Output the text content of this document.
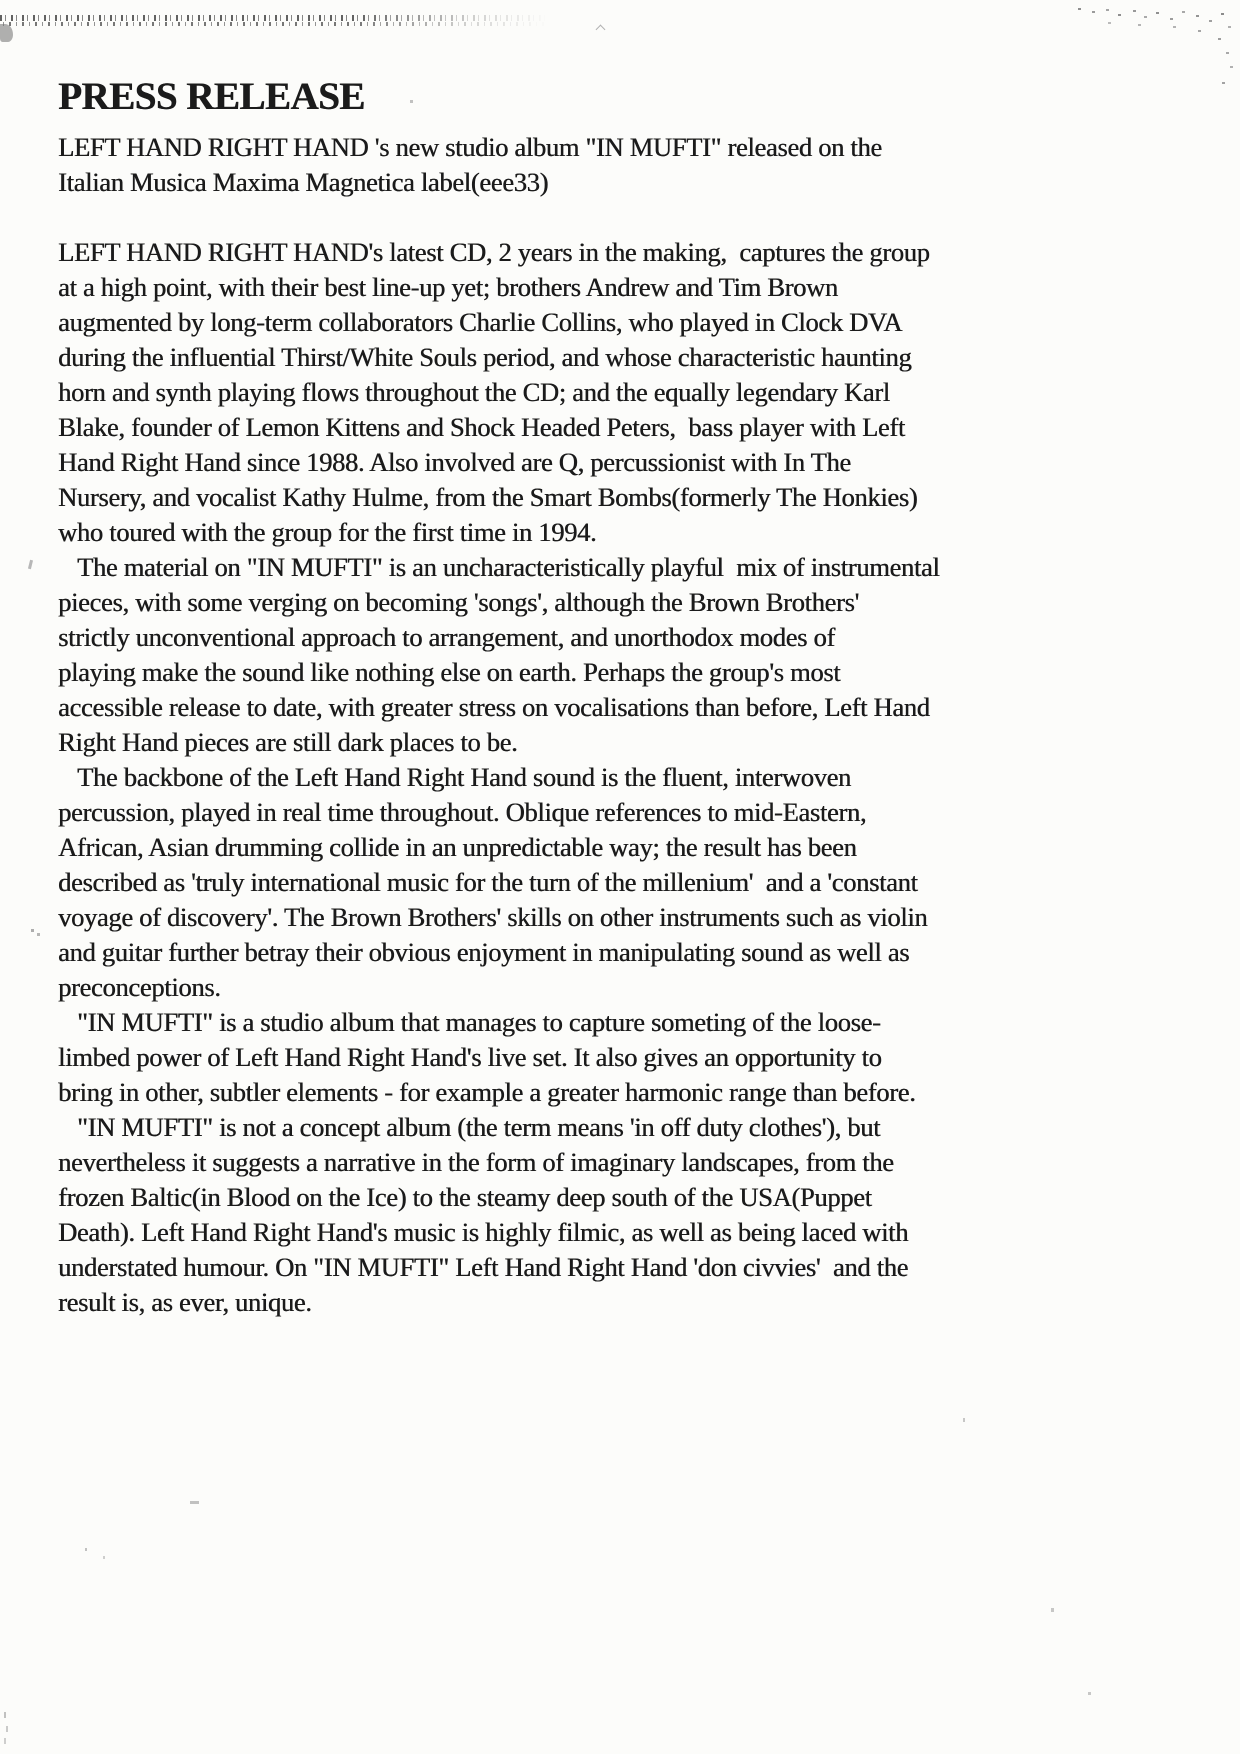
PRESS RELEASE
LEFT HAND RIGHT HAND 's new studio album "IN MUFTI" released on the
Italian Musica Maxima Magnetica label(eee33)
LEFT HAND RIGHT HAND's latest CD, 2 years in the making,  captures the group
at a high point, with their best line-up yet; brothers Andrew and Tim Brown
augmented by long-term collaborators Charlie Collins, who played in Clock DVA
during the influential Thirst/White Souls period, and whose characteristic haunting
horn and synth playing flows throughout the CD; and the equally legendary Karl
Blake, founder of Lemon Kittens and Shock Headed Peters,  bass player with Left
Hand Right Hand since 1988. Also involved are Q, percussionist with In The
Nursery, and vocalist Kathy Hulme, from the Smart Bombs(formerly The Honkies)
who toured with the group for the first time in 1994.
The material on "IN MUFTI" is an uncharacteristically playful  mix of instrumental
pieces, with some verging on becoming 'songs', although the Brown Brothers'
strictly unconventional approach to arrangement, and unorthodox modes of
playing make the sound like nothing else on earth. Perhaps the group's most
accessible release to date, with greater stress on vocalisations than before, Left Hand
Right Hand pieces are still dark places to be.
The backbone of the Left Hand Right Hand sound is the fluent, interwoven
percussion, played in real time throughout. Oblique references to mid-Eastern,
African, Asian drumming collide in an unpredictable way; the result has been
described as 'truly international music for the turn of the millenium'  and a 'constant
voyage of discovery'. The Brown Brothers' skills on other instruments such as violin
and guitar further betray their obvious enjoyment in manipulating sound as well as
preconceptions.
"IN MUFTI" is a studio album that manages to capture someting of the loose-
limbed power of Left Hand Right Hand's live set. It also gives an opportunity to
bring in other, subtler elements - for example a greater harmonic range than before.
"IN MUFTI" is not a concept album (the term means 'in off duty clothes'), but
nevertheless it suggests a narrative in the form of imaginary landscapes, from the
frozen Baltic(in Blood on the Ice) to the steamy deep south of the USA(Puppet
Death). Left Hand Right Hand's music is highly filmic, as well as being laced with
understated humour. On "IN MUFTI" Left Hand Right Hand 'don civvies'  and the
result is, as ever, unique.
